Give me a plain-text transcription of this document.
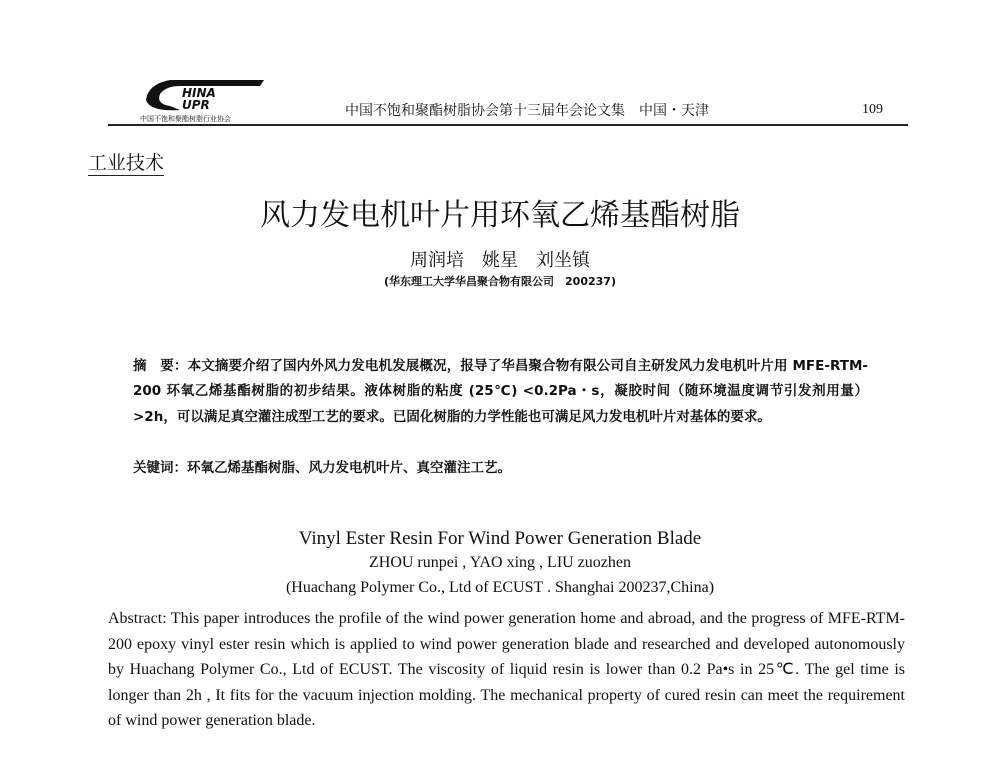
HINA
UPR
中国不饱和聚酯树脂行业协会	中国不饱和聚酯树脂协会第十三届年会论文集　中国・天津	109
工业技术
风力发电机叶片用环氧乙烯基酯树脂
周润培　姚星　刘坐镇
(华东理工大学华昌聚合物有限公司　200237)
摘　要：本文摘要介绍了国内外风力发电机发展概况，报导了华昌聚合物有限公司自主研发风力发电机叶片用 MFE-RTM-200 环氧乙烯基酯树脂的初步结果。液体树脂的粘度 (25℃) <0.2Pa・s，凝胶时间（随环境温度调节引发剂用量）>2h，可以满足真空灌注成型工艺的要求。已固化树脂的力学性能也可满足风力发电机叶片对基体的要求。
关键词：环氧乙烯基酯树脂、风力发电机叶片、真空灌注工艺。
Vinyl Ester Resin For Wind Power Generation Blade
ZHOU runpei , YAO xing , LIU zuozhen
(Huachang Polymer Co., Ltd of ECUST . Shanghai 200237,China)
Abstract: This paper introduces the profile of the wind power generation home and abroad, and the progress of MFE-RTM-200 epoxy vinyl ester resin which is applied to wind power generation blade and researched and developed autonomously by Huachang Polymer Co., Ltd of ECUST. The viscosity of liquid resin is lower than 0.2 Pa•s in 25℃. The gel time is longer than 2h , It fits for the vacuum injection molding. The mechanical property of cured resin can meet the requirement of wind power generation blade.
